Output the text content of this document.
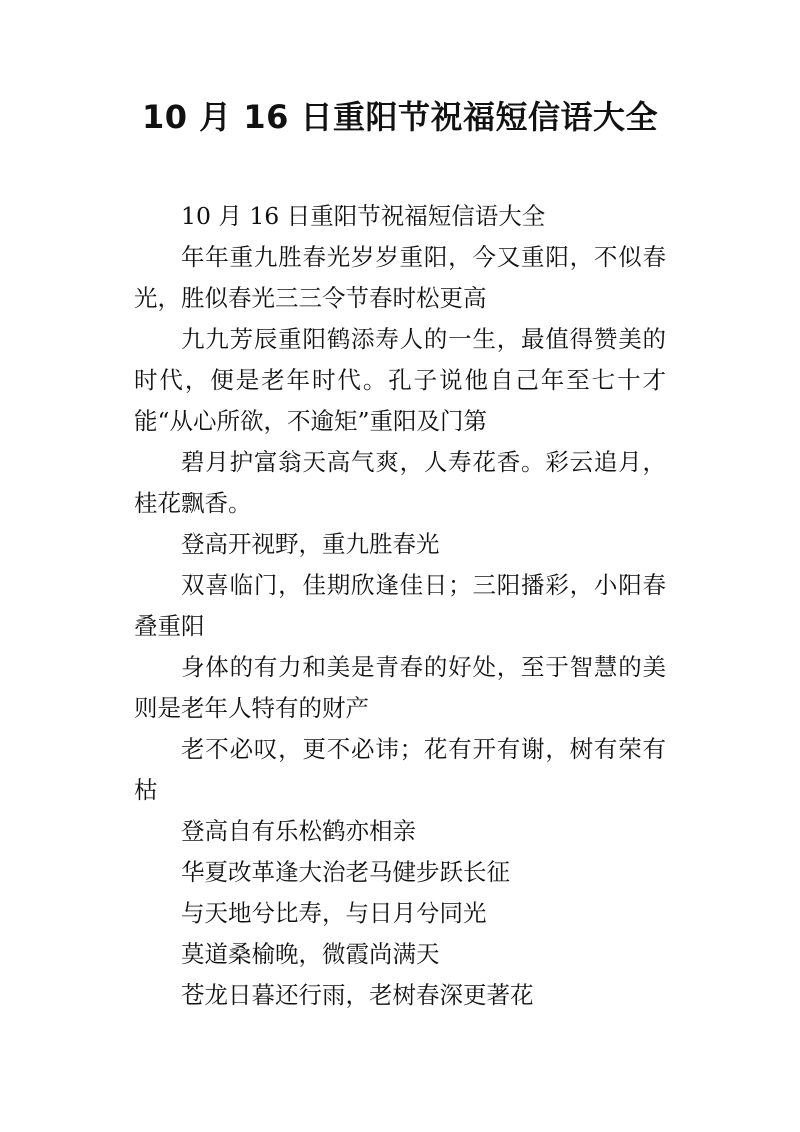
10 月 16 日重阳节祝福短信语大全

10 月 16 日重阳节祝福短信语大全

年年重九胜春光岁岁重阳，今又重阳，不似春光，胜似春光三三令节春时松更高

九九芳辰重阳鹤添寿人的一生，最值得赞美的时代，便是老年时代。孔子说他自己年至七十才能“从心所欲，不逾矩”重阳及门第

碧月护富翁天高气爽，人寿花香。彩云追月，桂花飘香。

登高开视野，重九胜春光

双喜临门，佳期欣逢佳日；三阳播彩，小阳春叠重阳

身体的有力和美是青春的好处，至于智慧的美则是老年人特有的财产

老不必叹，更不必讳；花有开有谢，树有荣有枯

登高自有乐松鹤亦相亲

华夏改革逢大治老马健步跃长征

与天地兮比寿，与日月兮同光

莫道桑榆晚，微霞尚满天

苍龙日暮还行雨，老树春深更著花
